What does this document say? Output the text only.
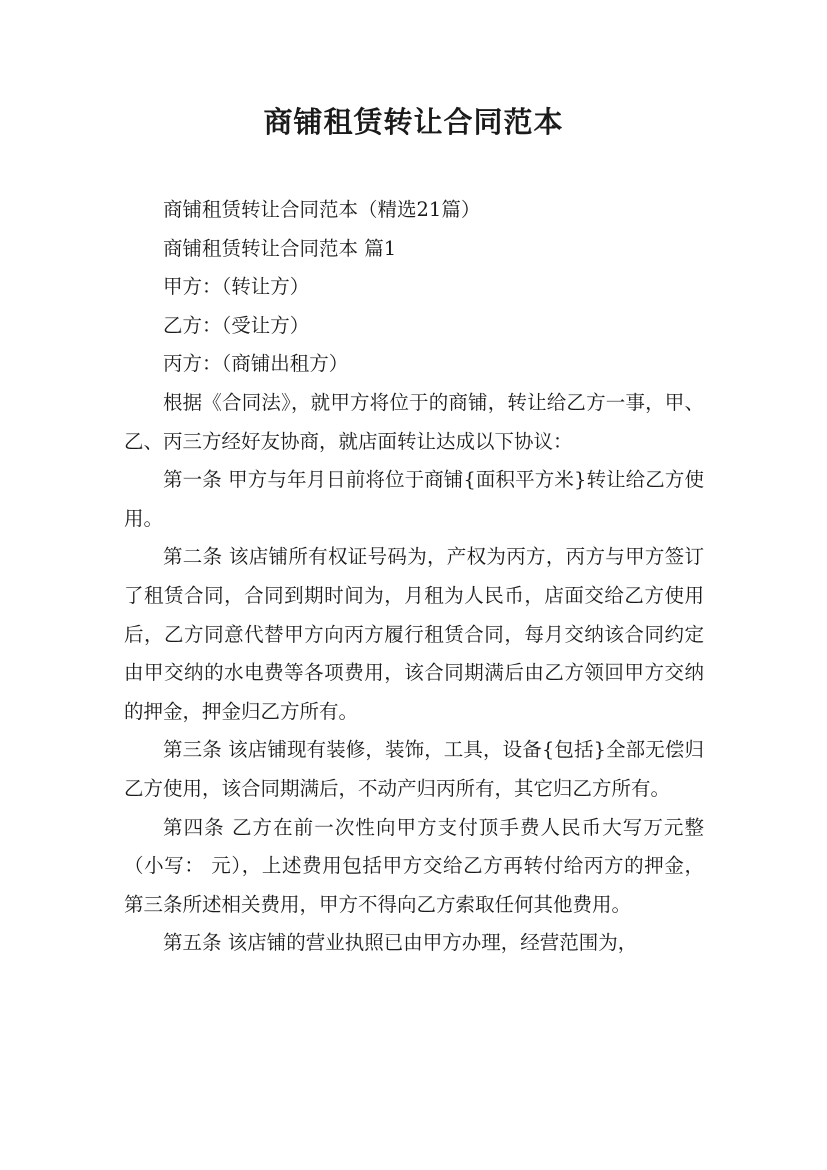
商铺租赁转让合同范本

商铺租赁转让合同范本（精选21篇）

商铺租赁转让合同范本 篇1

甲方：（转让方）

乙方：（受让方）

丙方：（商铺出租方）

根据《合同法》，就甲方将位于的商铺，转让给乙方一事，甲、乙、丙三方经好友协商，就店面转让达成以下协议：

第一条 甲方与年月日前将位于商铺{面积平方米}转让给乙方使用。

第二条 该店铺所有权证号码为，产权为丙方，丙方与甲方签订了租赁合同，合同到期时间为，月租为人民币，店面交给乙方使用后，乙方同意代替甲方向丙方履行租赁合同，每月交纳该合同约定由甲交纳的水电费等各项费用，该合同期满后由乙方领回甲方交纳的押金，押金归乙方所有。

第三条 该店铺现有装修，装饰，工具，设备{包括}全部无偿归乙方使用，该合同期满后，不动产归丙所有，其它归乙方所有。

第四条 乙方在前一次性向甲方支付顶手费人民币大写万元整（小写： 元），上述费用包括甲方交给乙方再转付给丙方的押金，第三条所述相关费用，甲方不得向乙方索取任何其他费用。

第五条 该店铺的营业执照已由甲方办理，经营范围为，
